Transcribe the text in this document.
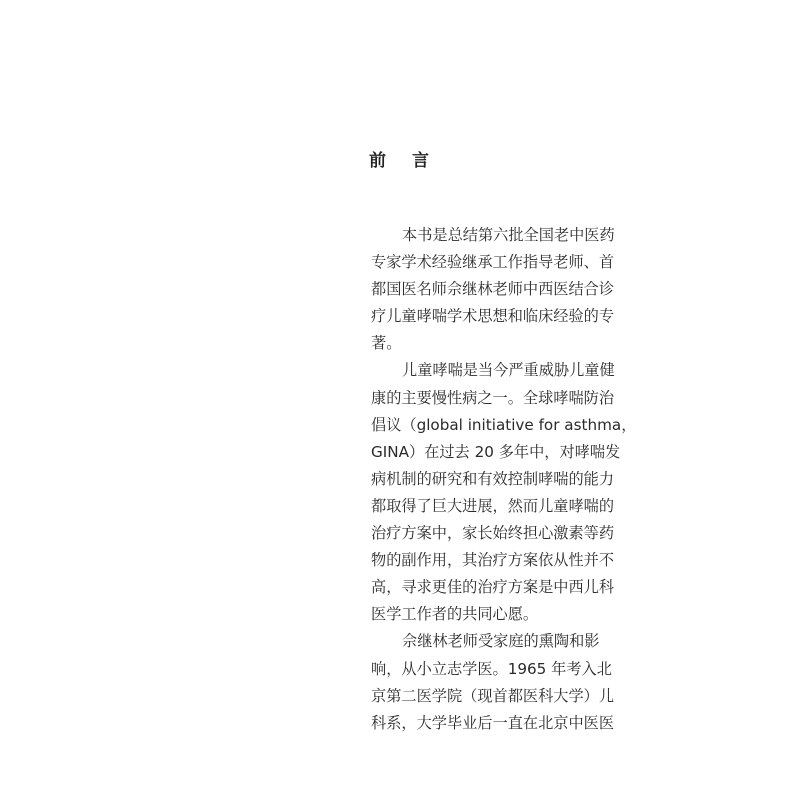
前 言
本书是总结第六批全国老中医药
专家学术经验继承工作指导老师、首
都国医名师佘继林老师中西医结合诊
疗儿童哮喘学术思想和临床经验的专
著。
儿童哮喘是当今严重威胁儿童健
康的主要慢性病之一。全球哮喘防治
倡议（global initiative for asthma，
GINA）在过去 20 多年中，对哮喘发
病机制的研究和有效控制哮喘的能力
都取得了巨大进展，然而儿童哮喘的
治疗方案中，家长始终担心激素等药
物的副作用，其治疗方案依从性并不
高，寻求更佳的治疗方案是中西儿科
医学工作者的共同心愿。
佘继林老师受家庭的熏陶和影
响，从小立志学医。1965 年考入北
京第二医学院（现首都医科大学）儿
科系，大学毕业后一直在北京中医医
